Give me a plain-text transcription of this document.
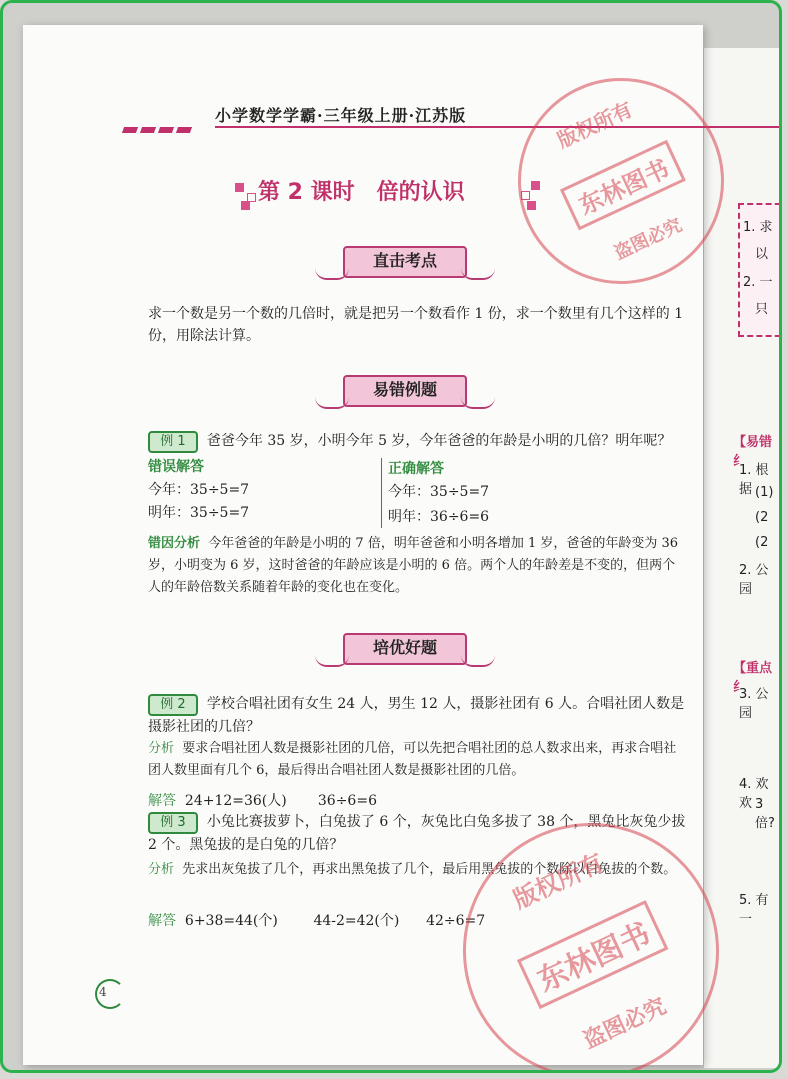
小学数学学霸·三年级上册·江苏版
第 2 课时　倍的认识
直击考点
求一个数是另一个数的几倍时，就是把另一个数看作 1 份，求一个数里有几个这样的 1 份，用除法计算。
易错例题
例 1 爸爸今年 35 岁，小明今年 5 岁，今年爸爸的年龄是小明的几倍？明年呢？
错误解答
今年：35÷5=7
明年：35÷5=7
正确解答
今年：35÷5=7
明年：36÷6=6
错因分析 今年爸爸的年龄是小明的 7 倍，明年爸爸和小明各增加 1 岁，爸爸的年龄变为 36 岁，小明变为 6 岁，这时爸爸的年龄应该是小明的 6 倍。两个人的年龄差是不变的，但两个人的年龄倍数关系随着年龄的变化也在变化。
培优好题
例 2 学校合唱社团有女生 24 人，男生 12 人，摄影社团有 6 人。合唱社团人数是摄影社团的几倍？
分析 要求合唱社团人数是摄影社团的几倍，可以先把合唱社团的总人数求出来，再求合唱社团人数里面有几个 6，最后得出合唱社团人数是摄影社团的几倍。
解答 24+12=36(人) 36÷6=6
例 3 小兔比赛拔萝卜，白兔拔了 6 个，灰兔比白兔多拔了 38 个，黑兔比灰兔少拔 2 个。黑兔拔的是白兔的几倍？
分析 先求出灰兔拔了几个，再求出黑兔拔了几个，最后用黑兔拔的个数除以白兔拔的个数。
解答 6+38=44(个)	44-2=42(个) 42÷6=7
4
1. 求
以
2. 一
只
【易错纟
1. 根据 (1)
(2
(2
2. 公园
【重点纟
3. 公园
4. 欢欢 3 倍?
5. 有一
版权所有
东林图书
盗图必究
版权所有
东林图书
盗图必究
